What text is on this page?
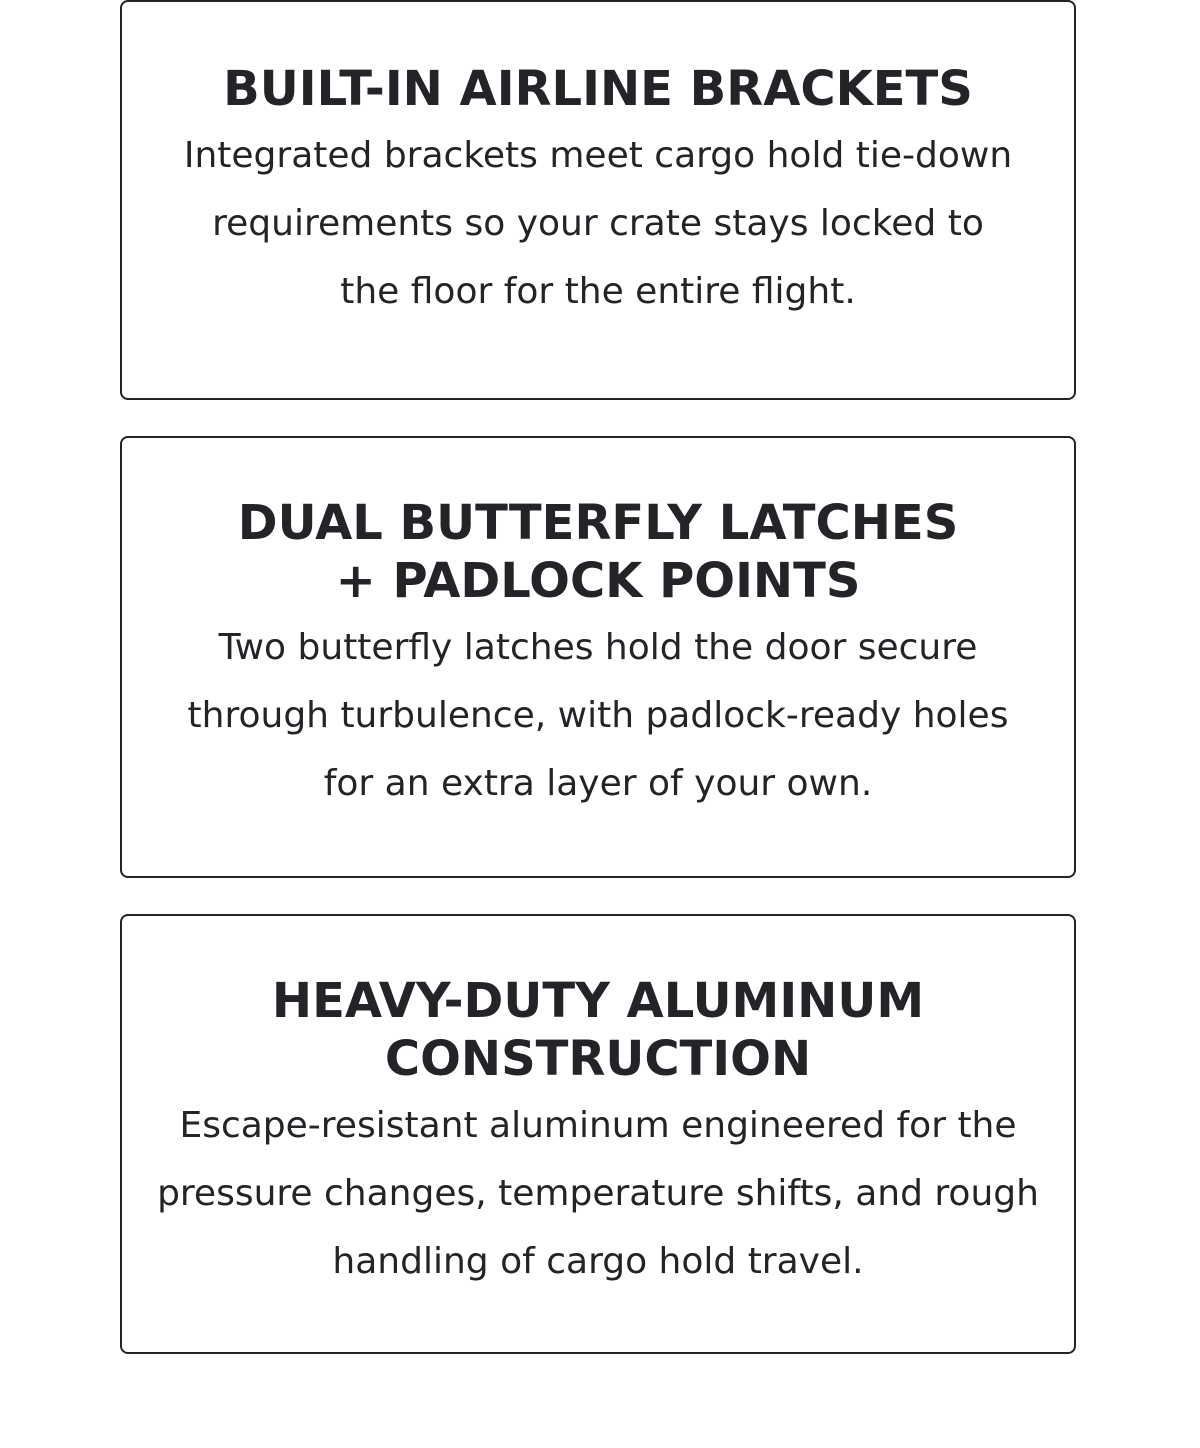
BUILT-IN AIRLINE BRACKETS

Integrated brackets meet cargo hold tie-down requirements so your crate stays locked to the floor for the entire flight.

DUAL BUTTERFLY LATCHES
+ PADLOCK POINTS

Two butterfly latches hold the door secure through turbulence, with padlock-ready holes for an extra layer of your own.

HEAVY-DUTY ALUMINUM
CONSTRUCTION

Escape-resistant aluminum engineered for the pressure changes, temperature shifts, and rough handling of cargo hold travel.
